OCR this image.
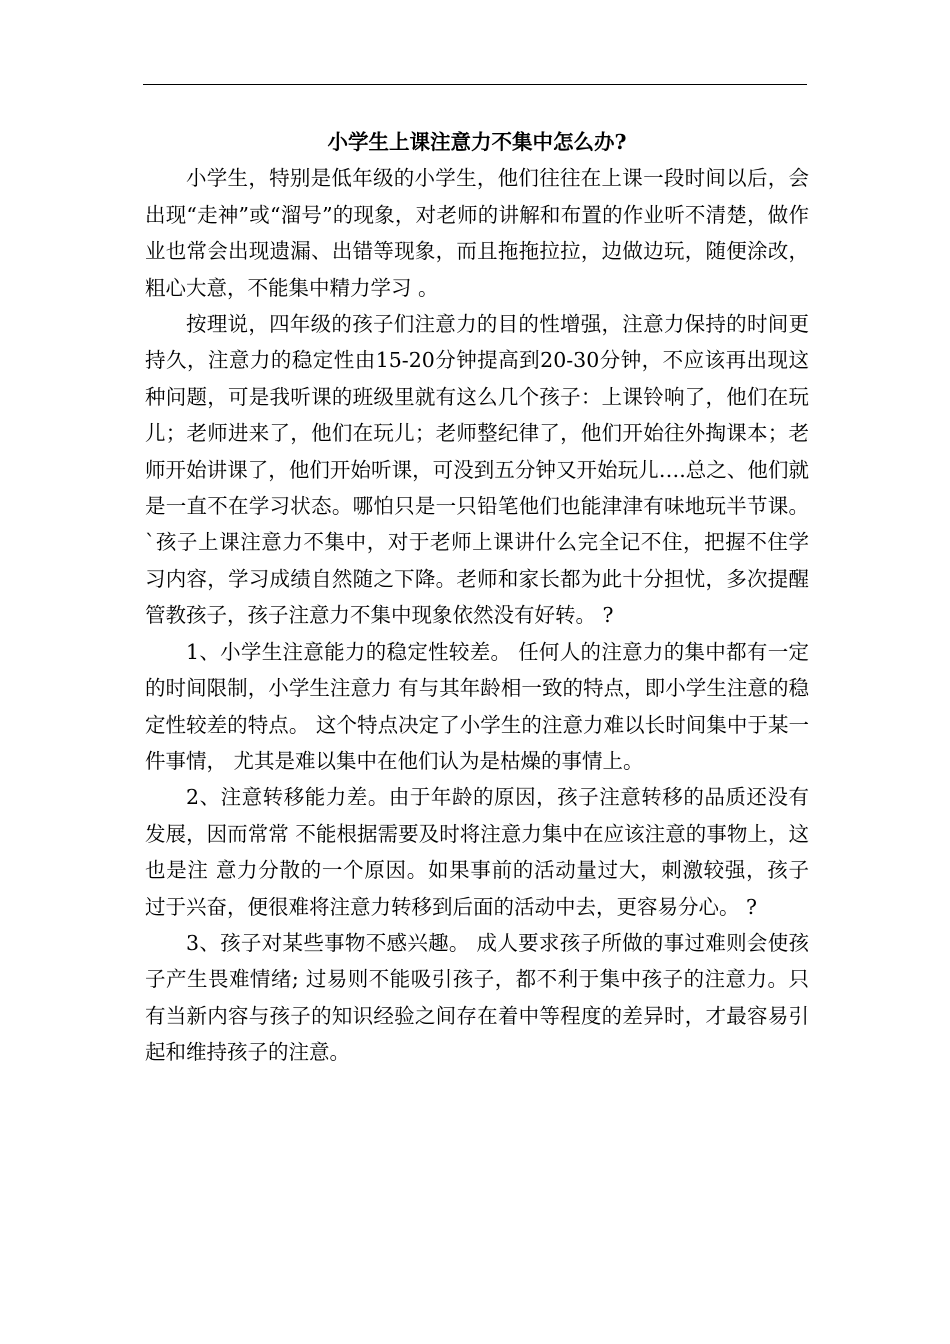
小学生上课注意力不集中怎么办?

小学生，特别是低年级的小学生，他们往往在上课一段时间以后，会出现“走神”或“溜号”的现象，对老师的讲解和布置的作业听不清楚，做作业也常会出现遗漏、出错等现象，而且拖拖拉拉，边做边玩，随便涂改，粗心大意，不能集中精力学习 。

按理说，四年级的孩子们注意力的目的性增强，注意力保持的时间更持久，注意力的稳定性由15-20分钟提高到20-30分钟，不应该再出现这种问题，可是我听课的班级里就有这么几个孩子：上课铃响了，他们在玩儿；老师进来了，他们在玩儿；老师整纪律了，他们开始往外掏课本；老师开始讲课了，他们开始听课，可没到五分钟又开始玩儿….总之、他们就是一直不在学习状态。哪怕只是一只铅笔他们也能津津有味地玩半节课。 `孩子上课注意力不集中，对于老师上课讲什么完全记不住，把握不住学习内容，学习成绩自然随之下降。老师和家长都为此十分担忧，多次提醒管教孩子，孩子注意力不集中现象依然没有好转。 ?

1、小学生注意能力的稳定性较差。 任何人的注意力的集中都有一定的时间限制，小学生注意力 有与其年龄相一致的特点，即小学生注意的稳定性较差的特点。 这个特点决定了小学生的注意力难以长时间集中于某一件事情， 尤其是难以集中在他们认为是枯燥的事情上。

2、注意转移能力差。由于年龄的原因，孩子注意转移的品质还没有发展，因而常常 不能根据需要及时将注意力集中在应该注意的事物上，这也是注 意力分散的一个原因。如果事前的活动量过大，刺激较强，孩子 过于兴奋，便很难将注意力转移到后面的活动中去，更容易分心。 ?

3、孩子对某些事物不感兴趣。 成人要求孩子所做的事过难则会使孩子产生畏难情绪; 过易则不能吸引孩子，都不利于集中孩子的注意力。只有当新内容与孩子的知识经验之间存在着中等程度的差异时，才最容易引起和维持孩子的注意。
